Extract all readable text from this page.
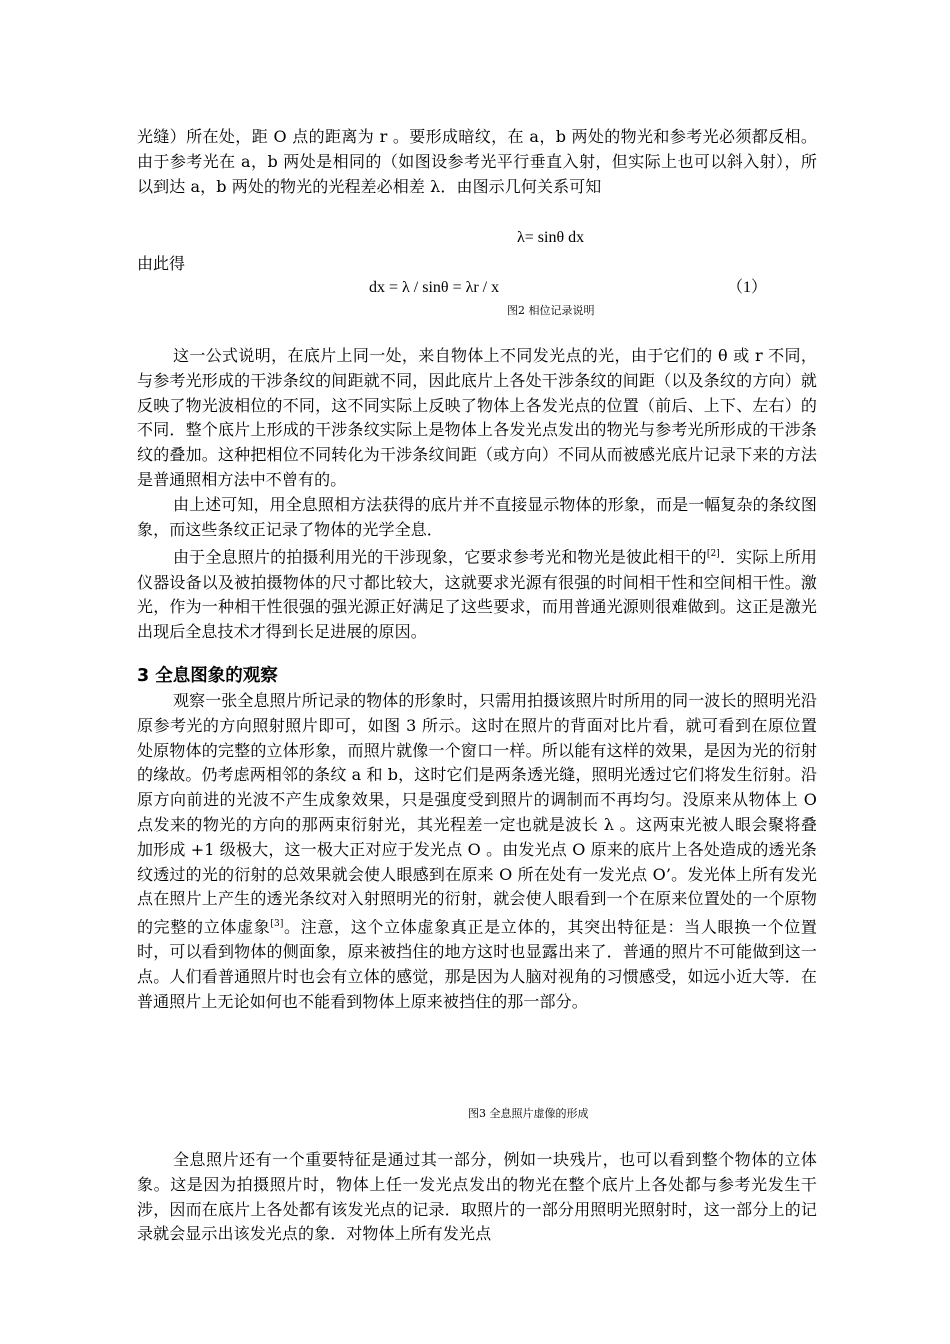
光缝）所在处，距 O 点的距离为 r 。要形成暗纹，在 a，b 两处的物光和参考光必须都反相。由于参考光在 a，b 两处是相同的（如图设参考光平行垂直入射，但实际上也可以斜入射），所以到达 a，b 两处的物光的光程差必相差 λ．由图示几何关系可知

λ= sinθ dx
由此得
dx = λ / sinθ = λr / x	（1）
图2 相位记录说明

这一公式说明，在底片上同一处，来自物体上不同发光点的光，由于它们的 θ 或 r 不同，与参考光形成的干涉条纹的间距就不同，因此底片上各处干涉条纹的间距（以及条纹的方向）就反映了物光波相位的不同，这不同实际上反映了物体上各发光点的位置（前后、上下、左右）的不同．整个底片上形成的干涉条纹实际上是物体上各发光点发出的物光与参考光所形成的干涉条纹的叠加。这种把相位不同转化为干涉条纹间距（或方向）不同从而被感光底片记录下来的方法是普通照相方法中不曾有的。

由上述可知，用全息照相方法获得的底片并不直接显示物体的形象，而是一幅复杂的条纹图象，而这些条纹正记录了物体的光学全息．

由于全息照片的拍摄利用光的干涉现象，它要求参考光和物光是彼此相干的[2]．实际上所用仪器设备以及被拍摄物体的尺寸都比较大，这就要求光源有很强的时间相干性和空间相干性。激光，作为一种相干性很强的强光源正好满足了这些要求，而用普通光源则很难做到。这正是激光出现后全息技术才得到长足进展的原因。

3 全息图象的观察

观察一张全息照片所记录的物体的形象时，只需用拍摄该照片时所用的同一波长的照明光沿原参考光的方向照射照片即可，如图 3 所示。这时在照片的背面对比片看，就可看到在原位置处原物体的完整的立体形象，而照片就像一个窗口一样。所以能有这样的效果，是因为光的衍射的缘故。仍考虑两相邻的条纹 a 和 b，这时它们是两条透光缝，照明光透过它们将发生衍射。沿原方向前进的光波不产生成象效果，只是强度受到照片的调制而不再均匀。没原来从物体上 O 点发来的物光的方向的那两束衍射光，其光程差一定也就是波长 λ 。这两束光被人眼会聚将叠加形成 +1 级极大，这一极大正对应于发光点 O 。由发光点 O 原来的底片上各处造成的透光条纹透过的光的衍射的总效果就会使人眼感到在原来 O 所在处有一发光点 O’。发光体上所有发光点在照片上产生的透光条纹对入射照明光的衍射，就会使人眼看到一个在原来位置处的一个原物的完整的立体虚象[3]。注意，这个立体虚象真正是立体的，其突出特征是：当人眼换一个位置时，可以看到物体的侧面象，原来被挡住的地方这时也显露出来了．普通的照片不可能做到这一点。人们看普通照片时也会有立体的感觉，那是因为人脑对视角的习惯感受，如远小近大等．在普通照片上无论如何也不能看到物体上原来被挡住的那一部分。

图3 全息照片虚像的形成

全息照片还有一个重要特征是通过其一部分，例如一块残片，也可以看到整个物体的立体象。这是因为拍摄照片时，物体上任一发光点发出的物光在整个底片上各处都与参考光发生干涉，因而在底片上各处都有该发光点的记录．取照片的一部分用照明光照射时，这一部分上的记录就会显示出该发光点的象．对物体上所有发光点
